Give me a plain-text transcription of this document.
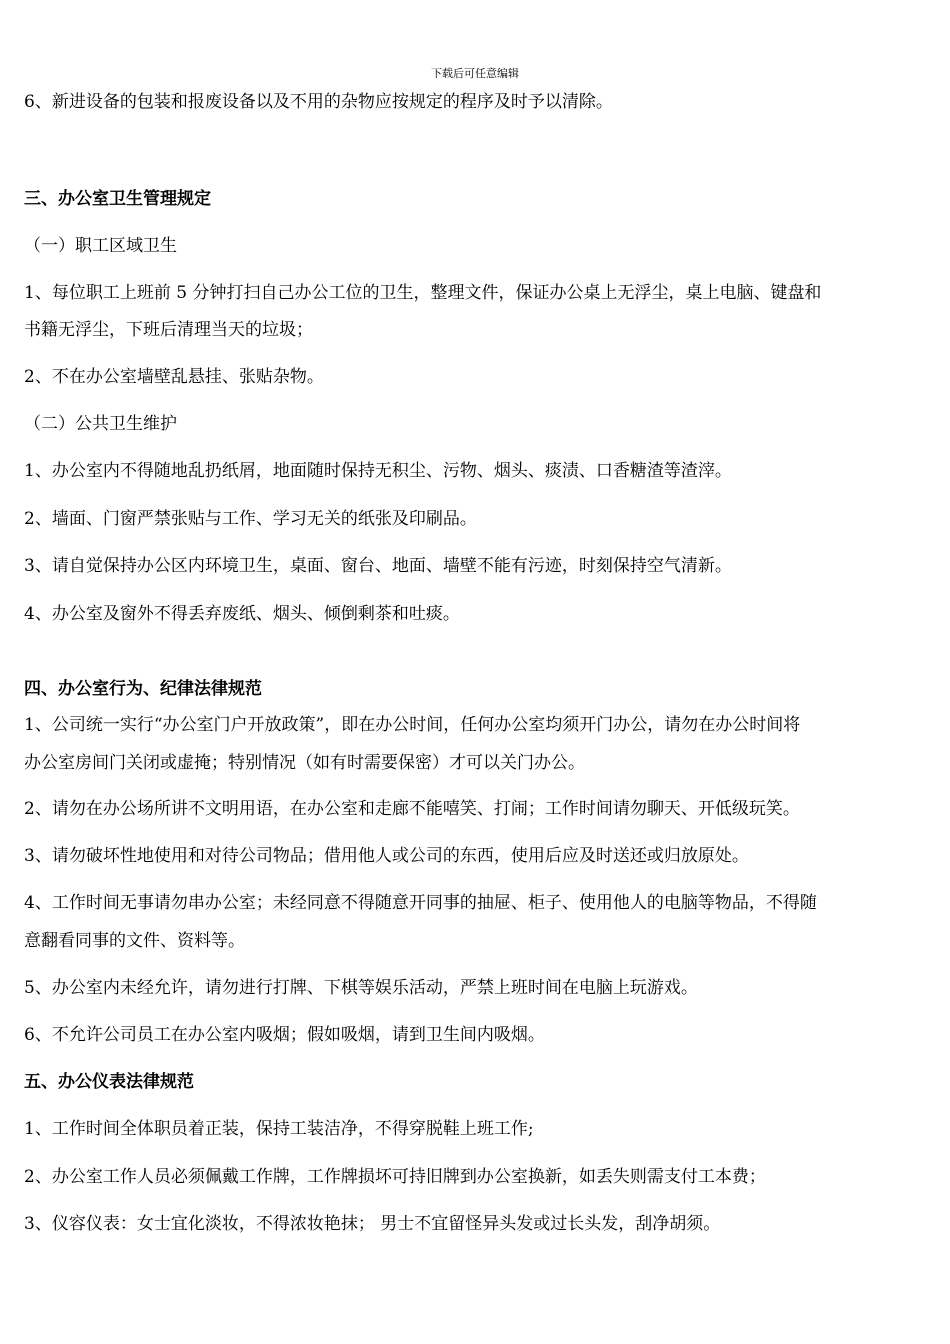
下载后可任意编辑
6、新进设备的包装和报废设备以及不用的杂物应按规定的程序及时予以清除。
三、办公室卫生管理规定
（一）职工区域卫生
1、每位职工上班前 5 分钟打扫自己办公工位的卫生，整理文件，保证办公桌上无浮尘，桌上电脑、键盘和
书籍无浮尘，下班后清理当天的垃圾；
2、不在办公室墙壁乱悬挂、张贴杂物。
（二）公共卫生维护
1、办公室内不得随地乱扔纸屑，地面随时保持无积尘、污物、烟头、痰渍、口香糖渣等渣滓。
2、墙面、门窗严禁张贴与工作、学习无关的纸张及印刷品。
3、请自觉保持办公区内环境卫生，桌面、窗台、地面、墙壁不能有污迹，时刻保持空气清新。
4、办公室及窗外不得丢弃废纸、烟头、倾倒剩茶和吐痰。
四、办公室行为、纪律法律规范
1、公司统一实行“办公室门户开放政策”，即在办公时间，任何办公室均须开门办公，请勿在办公时间将
办公室房间门关闭或虚掩；特别情况（如有时需要保密）才可以关门办公。
2、请勿在办公场所讲不文明用语，在办公室和走廊不能嘻笑、打闹；工作时间请勿聊天、开低级玩笑。
3、请勿破坏性地使用和对待公司物品；借用他人或公司的东西，使用后应及时送还或归放原处。
4、工作时间无事请勿串办公室；未经同意不得随意开同事的抽屉、柜子、使用他人的电脑等物品，不得随
意翻看同事的文件、资料等。
5、办公室内未经允许，请勿进行打牌、下棋等娱乐活动，严禁上班时间在电脑上玩游戏。
6、不允许公司员工在办公室内吸烟；假如吸烟，请到卫生间内吸烟。
五、办公仪表法律规范
1、工作时间全体职员着正装，保持工装洁净，不得穿脱鞋上班工作;
2、办公室工作人员必须佩戴工作牌，工作牌损坏可持旧牌到办公室换新，如丢失则需支付工本费；
3、仪容仪表：女士宜化淡妆，不得浓妆艳抹； 男士不宜留怪异头发或过长头发，刮净胡须。
